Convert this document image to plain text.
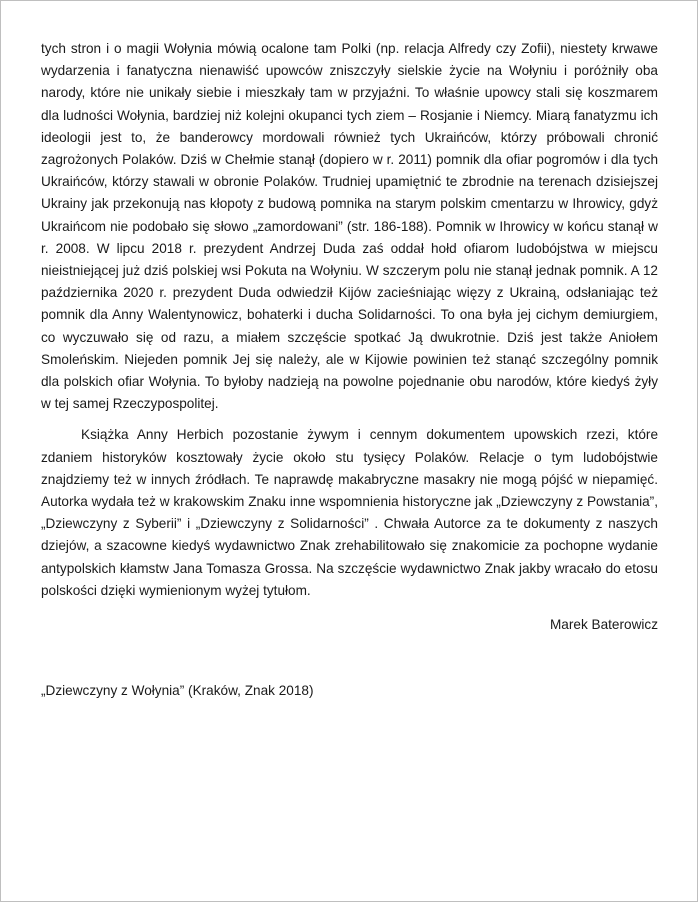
tych stron i o magii Wołynia mówią ocalone tam Polki (np. relacja Alfredy czy Zofii), niestety krwawe wydarzenia i fanatyczna nienawiść upowców zniszczyły sielskie życie na Wołyniu i poróżniły oba narody, które nie unikały siebie i mieszkały tam w przyjaźni. To właśnie upowcy stali się koszmarem dla ludności Wołynia, bardziej niż kolejni okupanci tych ziem – Rosjanie i Niemcy. Miarą fanatyzmu ich ideologii jest to, że banderowcy mordowali również tych Ukraińców, którzy próbowali chronić zagrożonych Polaków. Dziś w Chełmie stanął (dopiero w r. 2011) pomnik dla ofiar pogromów i dla tych Ukraińców, którzy stawali w obronie Polaków. Trudniej upamiętnić te zbrodnie na terenach dzisiejszej Ukrainy jak przekonują nas kłopoty z budową pomnika na starym polskim cmentarzu w Ihrowicy, gdyż Ukraińcom nie podobało się słowo „zamordowani” (str. 186-188). Pomnik w Ihrowicy w końcu stanął w r. 2008. W lipcu 2018 r. prezydent Andrzej Duda zaś oddał hołd ofiarom ludobójstwa w miejscu nieistniejącej już dziś polskiej wsi Pokuta na Wołyniu. W szczerym polu nie stanął jednak pomnik. A 12 października 2020 r. prezydent Duda odwiedził Kijów zacieśniając więzy z Ukrainą, odsłaniając też pomnik dla Anny Walentynowicz, bohaterki i ducha Solidarności. To ona była jej cichym demiurgiem, co wyczuwało się od razu, a miałem szczęście spotkać Ją dwukrotnie. Dziś jest także Aniołem Smoleńskim. Niejeden pomnik Jej się należy, ale w Kijowie powinien też stanąć szczególny pomnik dla polskich ofiar Wołynia. To byłoby nadzieją na powolne pojednanie obu narodów, które kiedyś żyły w tej samej Rzeczypospolitej.

Książka Anny Herbich pozostanie żywym i cennym dokumentem upowskich rzezi, które zdaniem historyków kosztowały życie około stu tysięcy Polaków. Relacje o tym ludobójstwie znajdziemy też w innych źródłach. Te naprawdę makabryczne masakry nie mogą pójść w niepamięć. Autorka wydała też w krakowskim Znaku inne wspomnienia historyczne jak „Dziewczyny z Powstania”, „Dziewczyny z Syberii” i „Dziewczyny z Solidarności” . Chwała Autorce za te dokumenty z naszych dziejów, a szacowne kiedyś wydawnictwo Znak zrehabilitowało się znakomicie za pochopne wydanie antypolskich kłamstw Jana Tomasza Grossa. Na szczęście wydawnictwo Znak jakby wracało do etosu polskości dzięki wymienionym wyżej tytułom.

Marek Baterowicz

„Dziewczyny z Wołynia” (Kraków, Znak 2018)
